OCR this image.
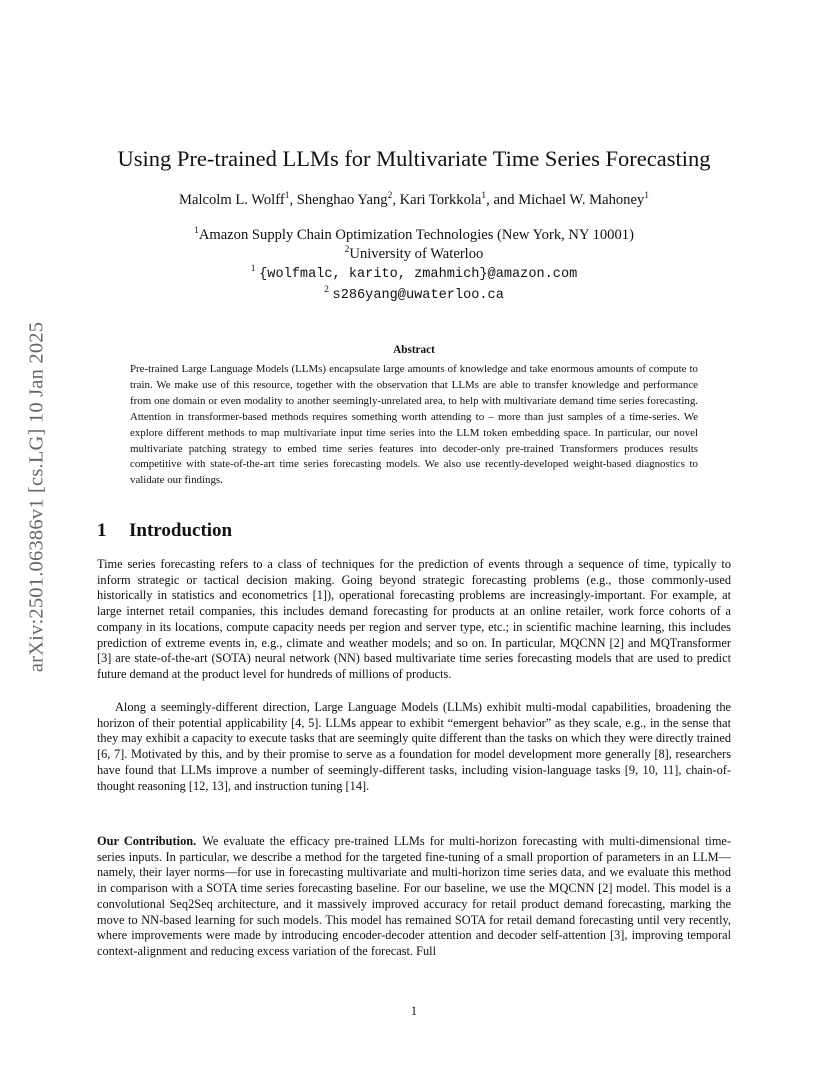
arXiv:2501.06386v1 [cs.LG] 10 Jan 2025
Using Pre-trained LLMs for Multivariate Time Series Forecasting
Malcolm L. Wolff$^1$, Shenghao Yang$^2$, Kari Torkkola$^1$, and Michael W. Mahoney$^1$
$^1$Amazon Supply Chain Optimization Technologies (New York, NY 10001)
$^2$University of Waterloo
$^1$ {wolfmalc, karito, zmahmich}@amazon.com
$^2$ s286yang@uwaterloo.ca
Abstract

Pre-trained Large Language Models (LLMs) encapsulate large amounts of knowledge and take enormous amounts of compute to train. We make use of this resource, together with the observation that LLMs are able to transfer knowledge and performance from one domain or even modality to another seemingly-unrelated area, to help with multivariate demand time series forecasting. Attention in transformer-based methods requires something worth attending to – more than just samples of a time-series. We explore different methods to map multivariate input time series into the LLM token embedding space. In particular, our novel multivariate patching strategy to embed time series features into decoder-only pre-trained Transformers produces results competitive with state-of-the-art time series forecasting models. We also use recently-developed weight-based diagnostics to validate our findings.

1 Introduction

Time series forecasting refers to a class of techniques for the prediction of events through a sequence of time, typically to inform strategic or tactical decision making. Going beyond strategic forecasting problems (e.g., those commonly-used historically in statistics and econometrics [1]), operational forecasting problems are increasingly-important. For example, at large internet retail companies, this includes demand forecasting for products at an online retailer, work force cohorts of a company in its locations, compute capacity needs per region and server type, etc.; in scientific machine learning, this includes prediction of extreme events in, e.g., climate and weather models; and so on. In particular, MQCNN [2] and MQTransformer [3] are state-of-the-art (SOTA) neural network (NN) based multivariate time series forecasting models that are used to predict future demand at the product level for hundreds of millions of products.

Along a seemingly-different direction, Large Language Models (LLMs) exhibit multi-modal capabilities, broadening the horizon of their potential applicability [4, 5]. LLMs appear to exhibit “emergent behavior” as they scale, e.g., in the sense that they may exhibit a capacity to execute tasks that are seemingly quite different than the tasks on which they were directly trained [6, 7]. Motivated by this, and by their promise to serve as a foundation for model development more generally [8], researchers have found that LLMs improve a number of seemingly-different tasks, including vision-language tasks [9, 10, 11], chain-of-thought reasoning [12, 13], and instruction tuning [14].

Our Contribution. We evaluate the efficacy pre-trained LLMs for multi-horizon forecasting with multi-dimensional time-series inputs. In particular, we describe a method for the targeted fine-tuning of a small proportion of parameters in an LLM—namely, their layer norms—for use in forecasting multivariate and multi-horizon time series data, and we evaluate this method in comparison with a SOTA time series forecasting baseline. For our baseline, we use the MQCNN [2] model. This model is a convolutional Seq2Seq architecture, and it massively improved accuracy for retail product demand forecasting, marking the move to NN-based learning for such models. This model has remained SOTA for retail demand forecasting until very recently, where improvements were made by introducing encoder-decoder attention and decoder self-attention [3], improving temporal context-alignment and reducing excess variation of the forecast. Full

1
